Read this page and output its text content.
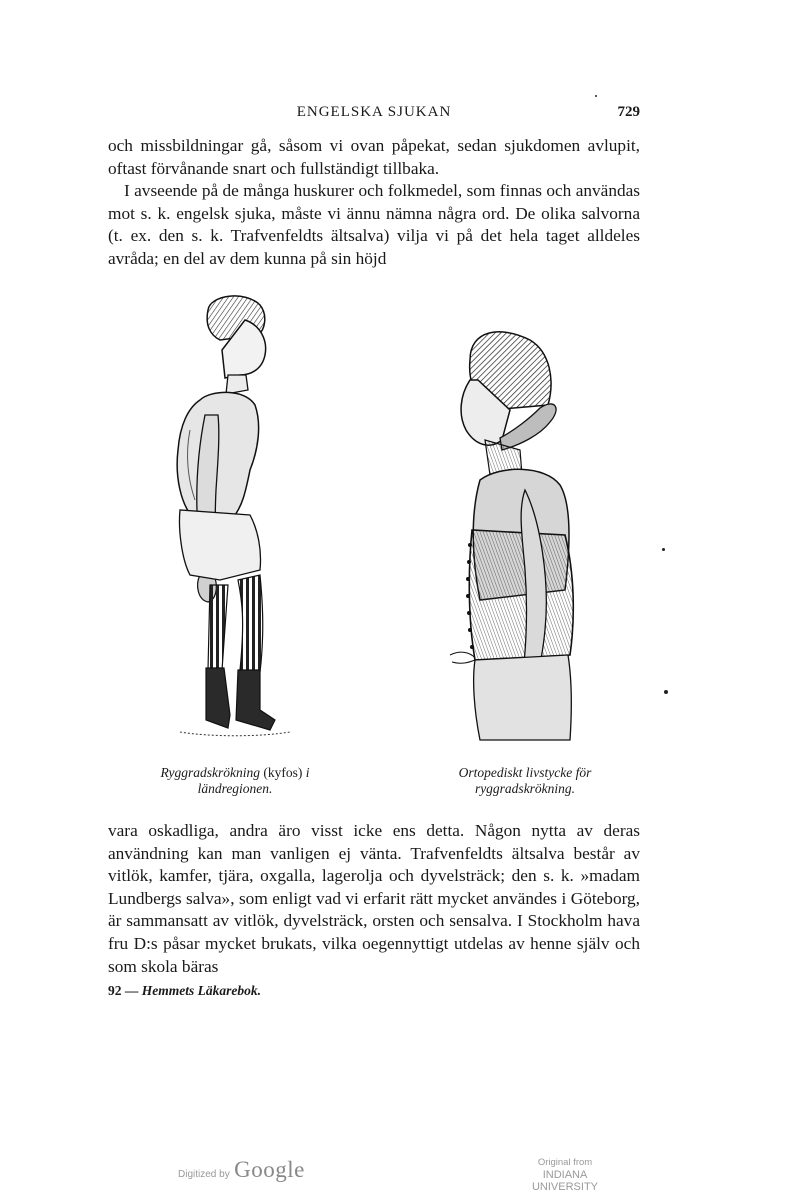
ENGELSKA SJUKAN	729

och missbildningar gå, såsom vi ovan påpekat, sedan sjukdomen avlupit, oftast förvånande snart och fullständigt tillbaka.

I avseende på de många huskurer och folkmedel, som finnas och användas mot s. k. engelsk sjuka, måste vi ännu nämna några ord. De olika salvorna (t. ex. den s. k. Trafvenfeldts ältsalva) vilja vi på det hela taget alldeles avråda; en del av dem kunna på sin höjd

Ryggradskrökning (kyfos) i
ländregionen.
Ortopediskt livstycke för
ryggradskrökning.

vara oskadliga, andra äro visst icke ens detta. Någon nytta av deras användning kan man vanligen ej vänta. Trafvenfeldts ältsalva består av vitlök, kamfer, tjära, oxgalla, lagerolja och dyvelsträck; den s. k. »madam Lundbergs salva», som enligt vad vi erfarit rätt mycket användes i Göteborg, är sammansatt av vitlök, dyvelsträck, orsten och sensalva. I Stockholm hava fru D:s påsar mycket brukats, vilka oegennyttigt utdelas av henne själv och som skola bäras

92 — Hemmets Läkarebok.
Digitized by Google	Original from
INDIANA UNIVERSITY
